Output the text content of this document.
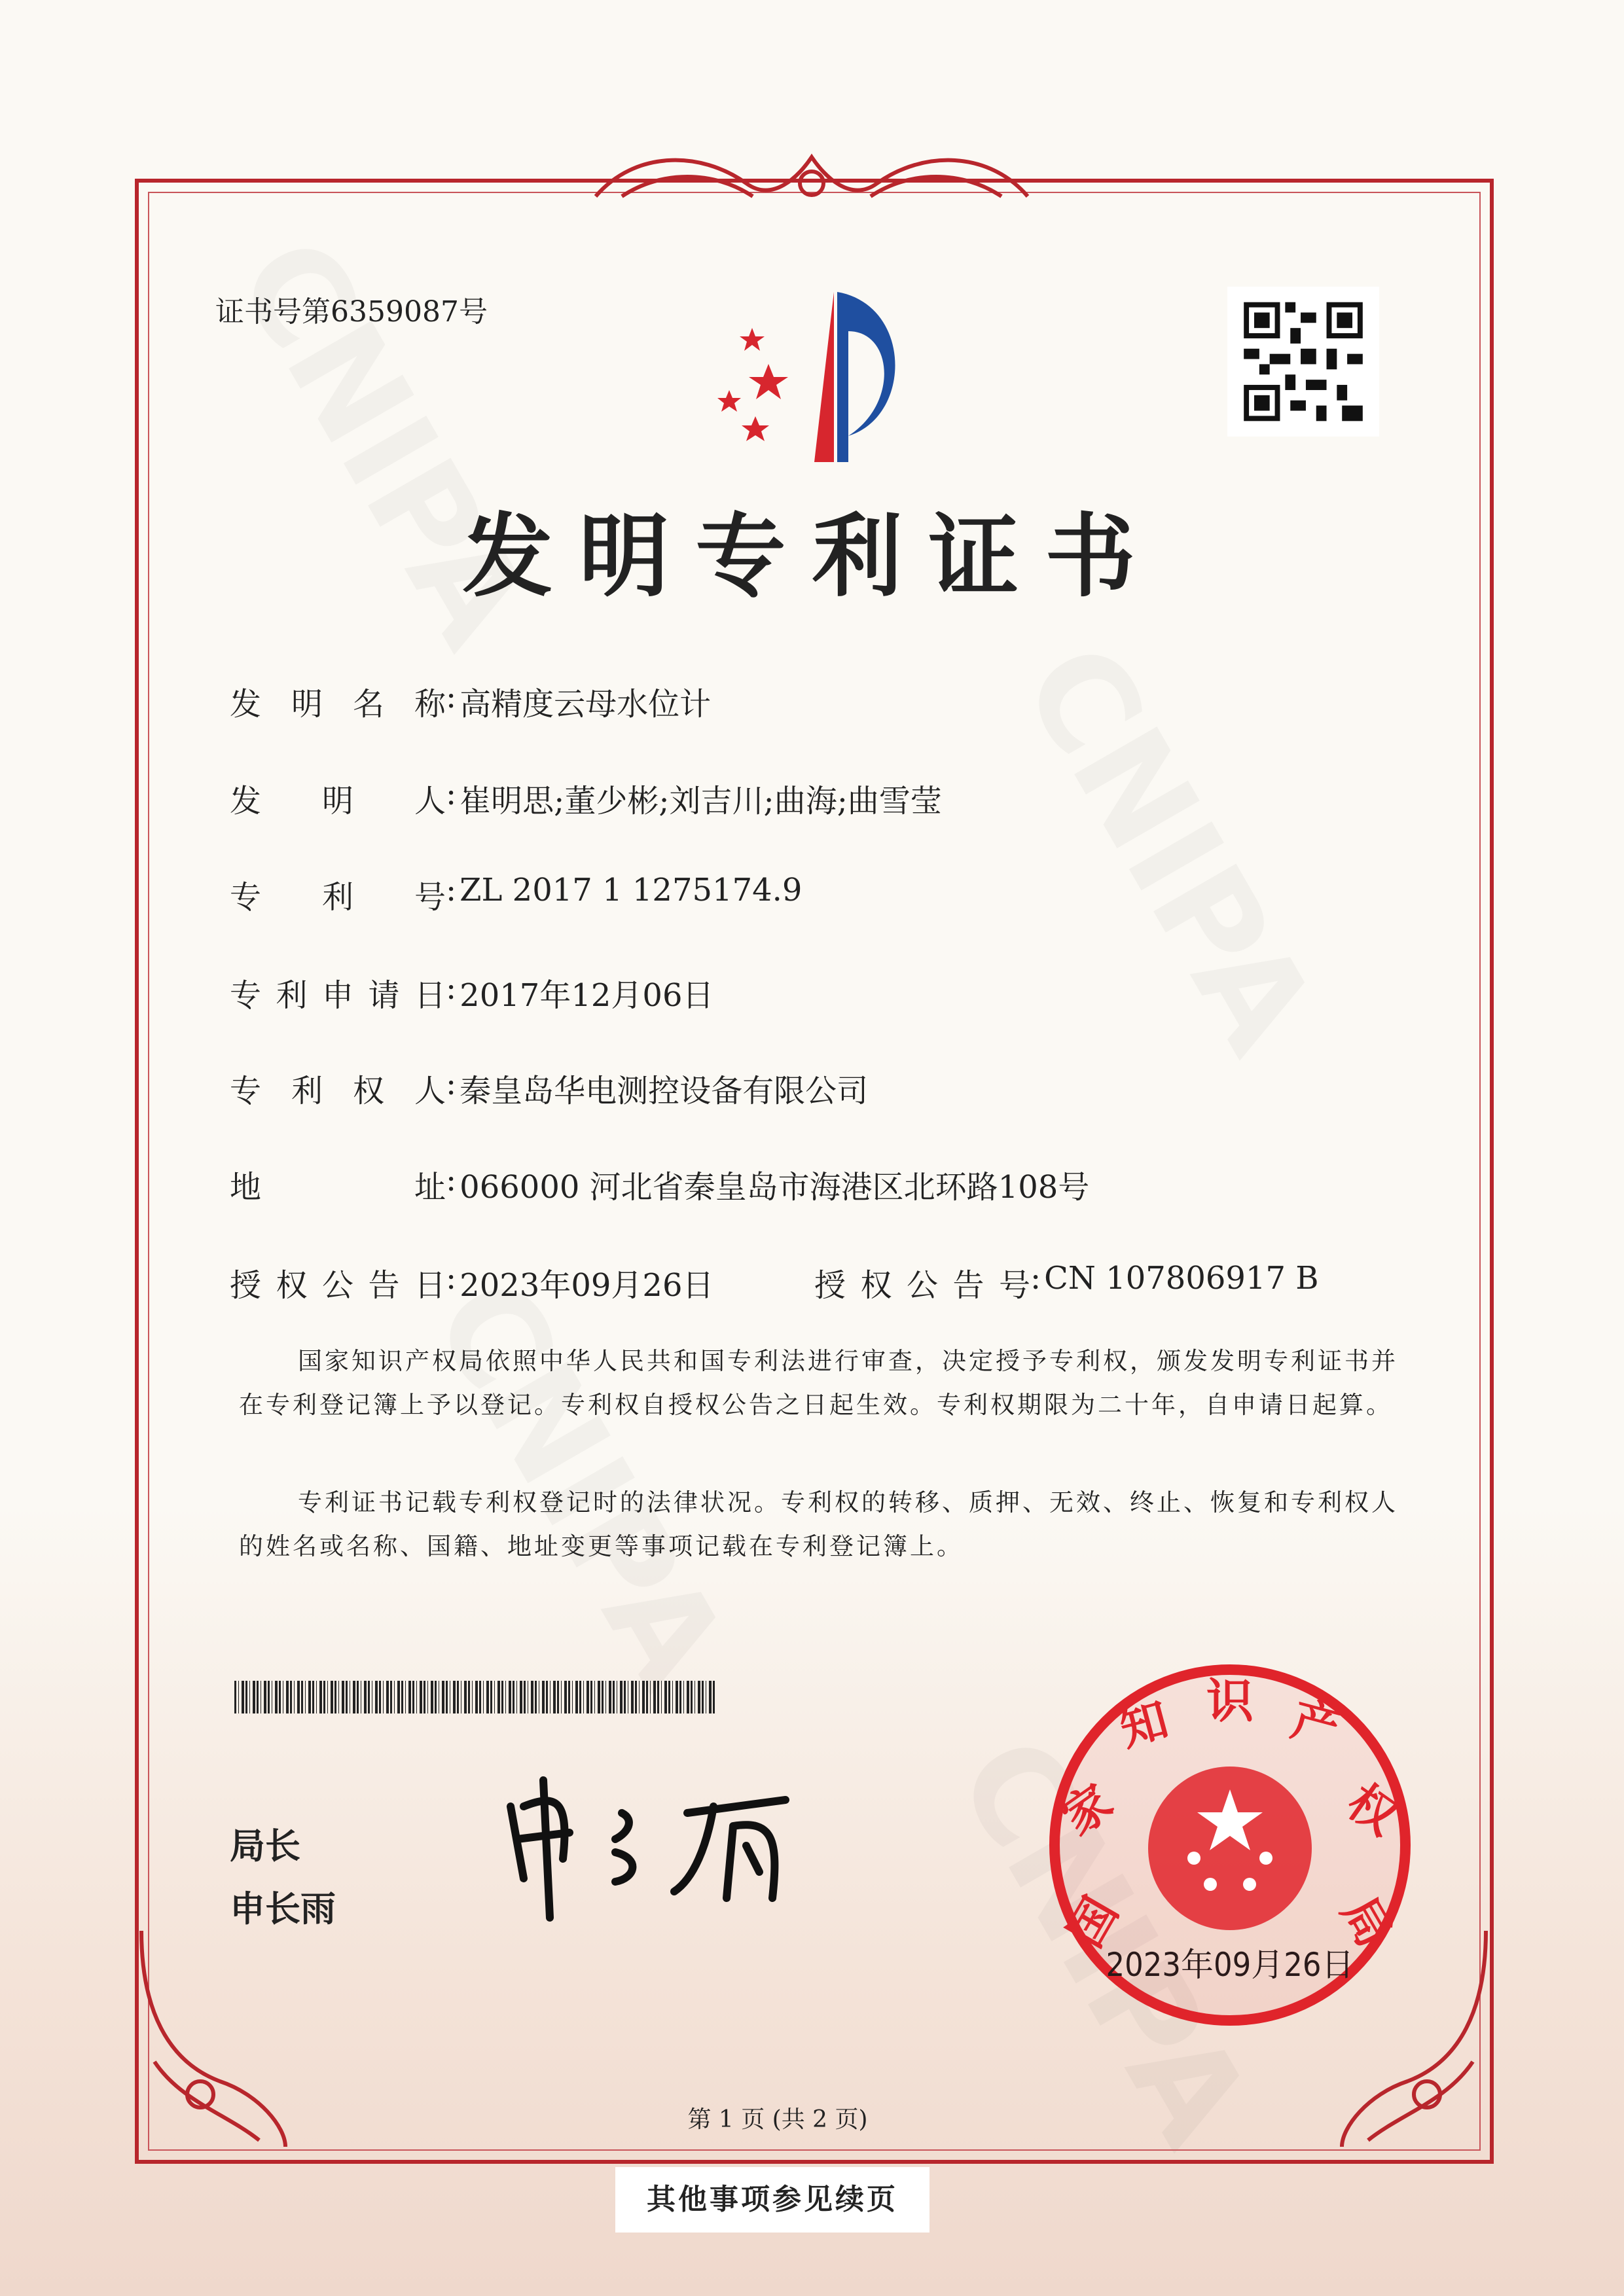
证书号第6359087号
发明专利证书
发 明 名 称 : 高精度云母水位计
发 明 人 : 崔明思;董少彬;刘吉川;曲海;曲雪莹
专 利 号 : ZL 2017 1 1275174.9
专 利 申 请 日 : 2017年12月06日
专 利 权 人 : 秦皇岛华电测控设备有限公司
地	址 : 066000 河北省秦皇岛市海港区北环路108号
授 权 公 告 日 : 2023年09月26日	授 权 公 告 号 : CN 107806917 B
国家知识产权局依照中华人民共和国专利法进行审查，决定授予专利权，颁发发明专利证书并在专利登记簿上予以登记。专利权自授权公告之日起生效。专利权期限为二十年，自申请日起算。
专利证书记载专利权登记时的法律状况。专利权的转移、质押、无效、终止、恢复和专利权人的姓名或名称、国籍、地址变更等事项记载在专利登记簿上。
局长
申长雨	国
家
知 识 产
权
局
2023年09月26日
第 1 页 (共 2 页)
其他事项参见续页
